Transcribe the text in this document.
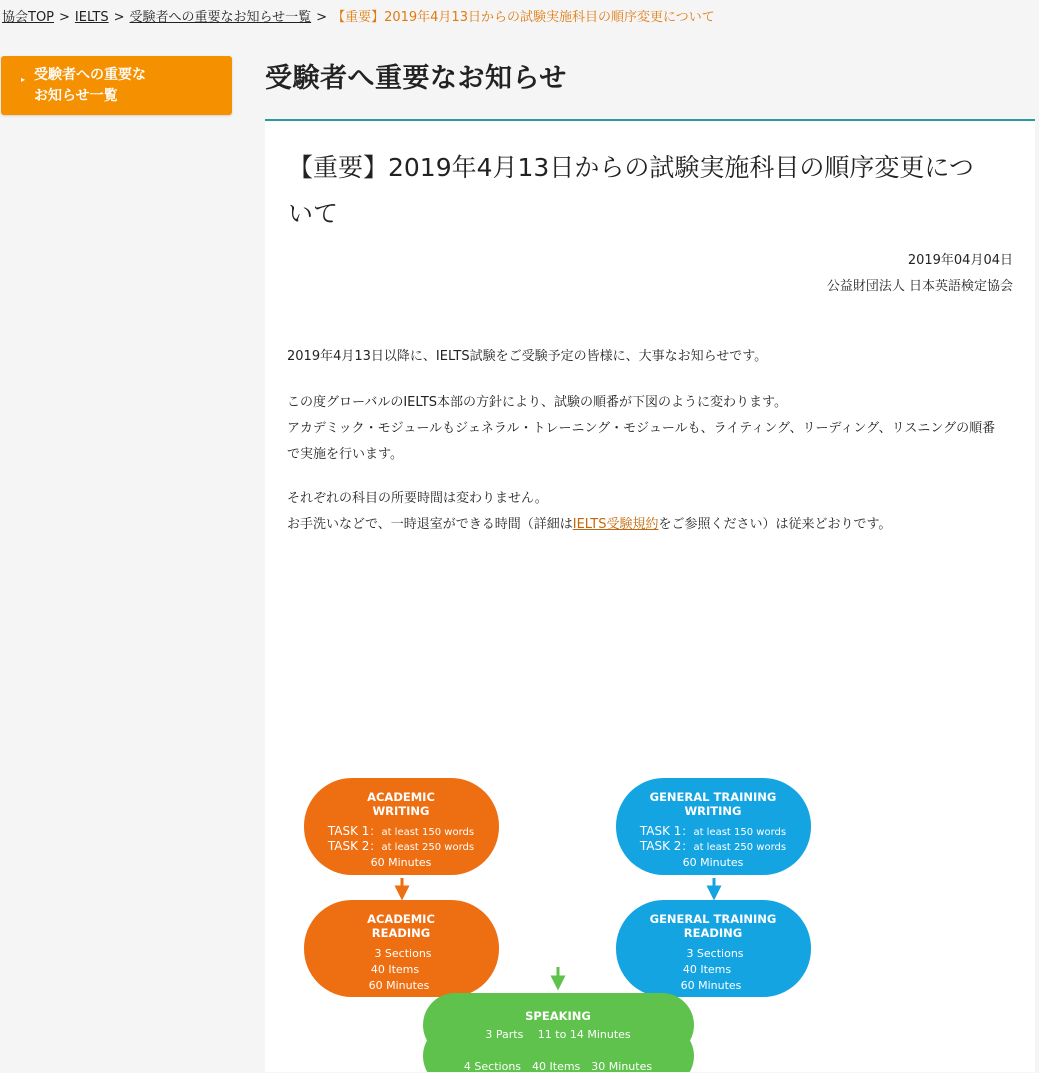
協会TOP > IELTS > 受験者への重要なお知らせ一覧 > 【重要】2019年4月13日からの試験実施科目の順序変更について
▸ 受験者への重要な
お知らせ一覧
受験者へ重要なお知らせ
【重要】2019年4月13日からの試験実施科目の順序変更につ
いて
2019年04月04日
公益財団法人 日本英語検定協会

2019年4月13日以降に、IELTS試験をご受験予定の皆様に、大事なお知らせです。

この度グローバルのIELTS本部の方針により、試験の順番が下図のように変わります。
アカデミック・モジュールもジェネラル・トレーニング・モジュールも、ライティング、リーディング、リスニングの順番
で実施を行います。

それぞれの科目の所要時間は変わりません。
お手洗いなどで、一時退室ができる時間（詳細はIELTS受験規約をご参照ください）は従来どおりです。

ACADEMIC
WRITING
TASK 1：at least 150 words
TASK 2：at least 250 words
60 Minutes
ACADEMIC
READING
3 Sections
40 Items
60 Minutes
GENERAL TRAINING
WRITING
TASK 1：at least 150 words
TASK 2：at least 250 words
60 Minutes
GENERAL TRAINING
READING
3 Sections
40 Items
60 Minutes
4 Sections　40 Items　30 Minutes
SPEAKING
3 Parts　 11 to 14 Minutes
